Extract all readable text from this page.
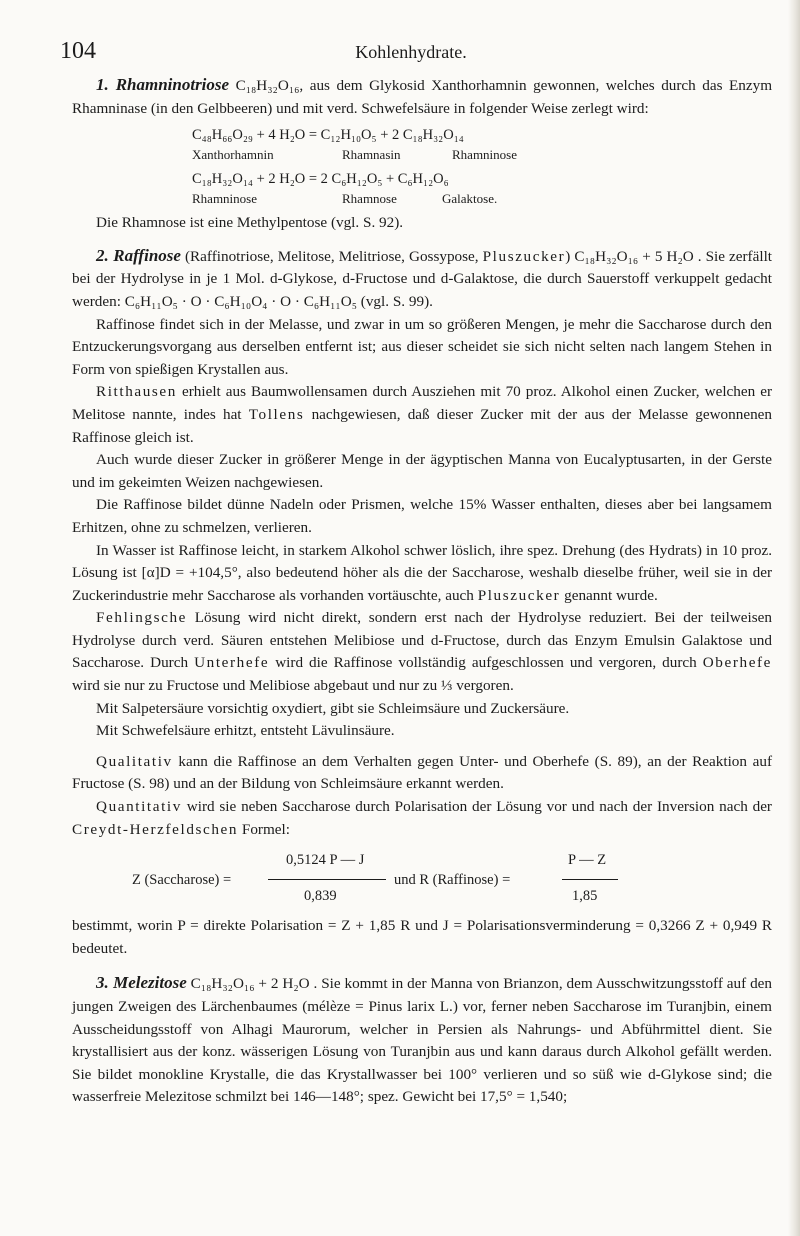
104	Kohlenhydrate.

1. Rhamninotriose C₁₈H₃₂O₁₆, aus dem Glykosid Xanthorhamnin gewonnen, welches durch das Enzym Rhamninase (in den Gelbbeeren) und mit verd. Schwefelsäure in folgender Weise zerlegt wird:

C₄₈H₆₆O₂₉ + 4 H₂O = C₁₂H₁₀O₅ + 2 C₁₈H₃₂O₁₄
Xanthorhamnin	Rhamnasin	Rhamninose
C₁₈H₃₂O₁₄ + 2 H₂O = 2 C₆H₁₂O₅ + C₆H₁₂O₆
Rhamninose	Rhamnose	Galaktose.

Die Rhamnose ist eine Methylpentose (vgl. S. 92).

2. Raffinose (Raffinotriose, Melitose, Melitriose, Gossypose, Pluszucker) C₁₈H₃₂O₁₆ + 5 H₂O . Sie zerfällt bei der Hydrolyse in je 1 Mol. d-Glykose, d-Fructose und d-Galaktose, die durch Sauerstoff verkuppelt gedacht werden: C₆H₁₁O₅ · O · C₆H₁₀O₄ · O · C₆H₁₁O₅ (vgl. S. 99).

Raffinose findet sich in der Melasse, und zwar in um so größeren Mengen, je mehr die Saccharose durch den Entzuckerungsvorgang aus derselben entfernt ist; aus dieser scheidet sie sich nicht selten nach langem Stehen in Form von spießigen Krystallen aus.

Ritthausen erhielt aus Baumwollensamen durch Ausziehen mit 70 proz. Alkohol einen Zucker, welchen er Melitose nannte, indes hat Tollens nachgewiesen, daß dieser Zucker mit der aus der Melasse gewonnenen Raffinose gleich ist.

Auch wurde dieser Zucker in größerer Menge in der ägyptischen Manna von Eucalyptusarten, in der Gerste und im gekeimten Weizen nachgewiesen.

Die Raffinose bildet dünne Nadeln oder Prismen, welche 15% Wasser enthalten, dieses aber bei langsamem Erhitzen, ohne zu schmelzen, verlieren.

In Wasser ist Raffinose leicht, in starkem Alkohol schwer löslich, ihre spez. Drehung (des Hydrats) in 10 proz. Lösung ist [α]D = +104,5°, also bedeutend höher als die der Saccharose, weshalb dieselbe früher, weil sie in der Zuckerindustrie mehr Saccharose als vorhanden vortäuschte, auch Pluszucker genannt wurde.

Fehlingsche Lösung wird nicht direkt, sondern erst nach der Hydrolyse reduziert. Bei der teilweisen Hydrolyse durch verd. Säuren entstehen Melibiose und d-Fructose, durch das Enzym Emulsin Galaktose und Saccharose. Durch Unterhefe wird die Raffinose vollständig aufgeschlossen und vergoren, durch Oberhefe wird sie nur zu Fructose und Melibiose abgebaut und nur zu ⅓ vergoren.

Mit Salpetersäure vorsichtig oxydiert, gibt sie Schleimsäure und Zuckersäure.

Mit Schwefelsäure erhitzt, entsteht Lävulinsäure.

Qualitativ kann die Raffinose an dem Verhalten gegen Unter- und Oberhefe (S. 89), an der Reaktion auf Fructose (S. 98) und an der Bildung von Schleimsäure erkannt werden.

Quantitativ wird sie neben Saccharose durch Polarisation der Lösung vor und nach der Inversion nach der Creydt-Herzfeldschen Formel:

0,5124 P — J
Z (Saccharose) =
0,839
und R (Raffinose) =
P — Z
1,85

bestimmt, worin P = direkte Polarisation = Z + 1,85 R und J = Polarisationsverminderung = 0,3266 Z + 0,949 R bedeutet.

3. Melezitose C₁₈H₃₂O₁₆ + 2 H₂O . Sie kommt in der Manna von Brianzon, dem Ausschwitzungsstoff auf den jungen Zweigen des Lärchenbaumes (mélèze = Pinus larix L.) vor, ferner neben Saccharose im Turanjbin, einem Ausscheidungsstoff von Alhagi Maurorum, welcher in Persien als Nahrungs- und Abführmittel dient. Sie krystallisiert aus der konz. wässerigen Lösung von Turanjbin aus und kann daraus durch Alkohol gefällt werden. Sie bildet monokline Krystalle, die das Krystallwasser bei 100° verlieren und so süß wie d-Glykose sind; die wasserfreie Melezitose schmilzt bei 146—148°; spez. Gewicht bei 17,5° = 1,540;
